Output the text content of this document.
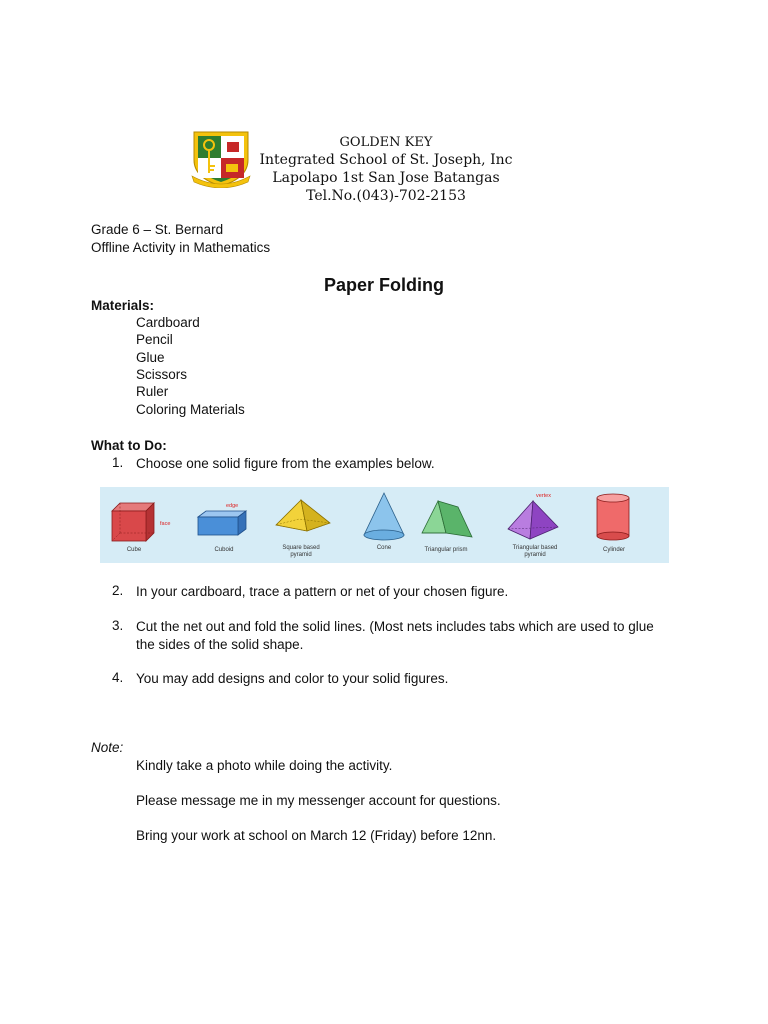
GOLDEN KEY
Integrated School of St. Joseph, Inc
Lapolapo 1st San Jose Batangas
Tel.No.(043)-702-2153
Grade 6 – St. Bernard
Offline Activity in Mathematics
Paper Folding
Materials:
Cardboard
Pencil
Glue
Scissors
Ruler
Coloring Materials
What to Do:
1. Choose one solid figure from the examples below.
face
edge
vertex
Cube	Cuboid	Square based pyramid
Cone	Triangular prism	Triangular based pyramid
Cylinder
2. In your cardboard, trace a pattern or net of your chosen figure.
3. Cut the net out and fold the solid lines. (Most nets includes tabs which are used to glue the sides of the solid shape.
4. You may add designs and color to your solid figures.
Note:
Kindly take a photo while doing the activity.
Please message me in my messenger account for questions.
Bring your work at school on March 12 (Friday) before 12nn.
